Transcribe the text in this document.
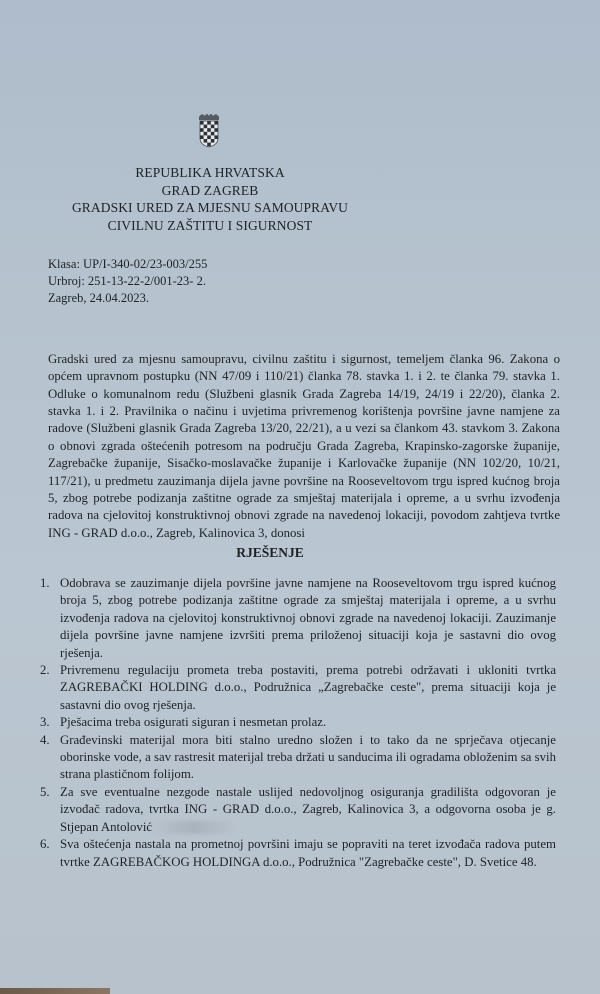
REPUBLIKA HRVATSKA
GRAD ZAGREB
GRADSKI URED ZA MJESNU SAMOUPRAVU
CIVILNU ZAŠTITU I SIGURNOST
Klasa: UP/I-340-02/23-003/255
Urbroj: 251-13-22-2/001-23- 2.
Zagreb, 24.04.2023.

Gradski ured za mjesnu samoupravu, civilnu zaštitu i sigurnost, temeljem članka 96. Zakona o općem upravnom postupku (NN 47/09 i 110/21) članka 78. stavka 1. i 2. te članka 79. stavka 1. Odluke o komunalnom redu (Službeni glasnik Grada Zagreba 14/19, 24/19 i 22/20), članka 2. stavka 1. i 2. Pravilnika o načinu i uvjetima privremenog korištenja površine javne namjene za radove (Službeni glasnik Grada Zagreba 13/20, 22/21), a u vezi sa člankom 43. stavkom 3. Zakona o obnovi zgrada oštećenih potresom na području Grada Zagreba, Krapinsko-zagorske županije, Zagrebačke županije, Sisačko-moslavačke županije i Karlovačke županije (NN 102/20, 10/21, 117/21), u predmetu zauzimanja dijela javne površine na Rooseveltovom trgu ispred kućnog broja 5, zbog potrebe podizanja zaštitne ograde za smještaj materijala i opreme, a u svrhu izvođenja radova na cjelovitoj konstruktivnoj obnovi zgrade na navedenoj lokaciji, povodom zahtjeva tvrtke ING - GRAD d.o.o., Zagreb, Kalinovica 3, donosi

RJEŠENJE
1. Odobrava se zauzimanje dijela površine javne namjene na Rooseveltovom trgu ispred kućnog broja 5, zbog potrebe podizanja zaštitne ograde za smještaj materijala i opreme, a u svrhu izvođenja radova na cjelovitoj konstruktivnoj obnovi zgrade na navedenoj lokaciji. Zauzimanje dijela površine javne namjene izvršiti prema priloženoj situaciji koja je sastavni dio ovog rješenja.
2. Privremenu regulaciju prometa treba postaviti, prema potrebi održavati i ukloniti tvrtka ZAGREBAČKI HOLDING d.o.o., Podružnica „Zagrebačke ceste", prema situaciji koja je sastavni dio ovog rješenja.
3. Pješacima treba osigurati siguran i nesmetan prolaz.
4. Građevinski materijal mora biti stalno uredno složen i to tako da ne sprječava otjecanje oborinske vode, a sav rastresit materijal treba držati u sanducima ili ogradama obloženim sa svih strana plastičnom folijom.
5. Za sve eventualne nezgode nastale uslijed nedovoljnog osiguranja gradilišta odgovoran je izvođač radova, tvrtka ING - GRAD d.o.o., Zagreb, Kalinovica 3, a odgovorna osoba je g. Stjepan Antolović
6. Sva oštećenja nastala na prometnoj površini imaju se popraviti na teret izvođača radova putem tvrtke ZAGREBAČKOG HOLDINGA d.o.o., Podružnica "Zagrebačke ceste", D. Svetice 48.
